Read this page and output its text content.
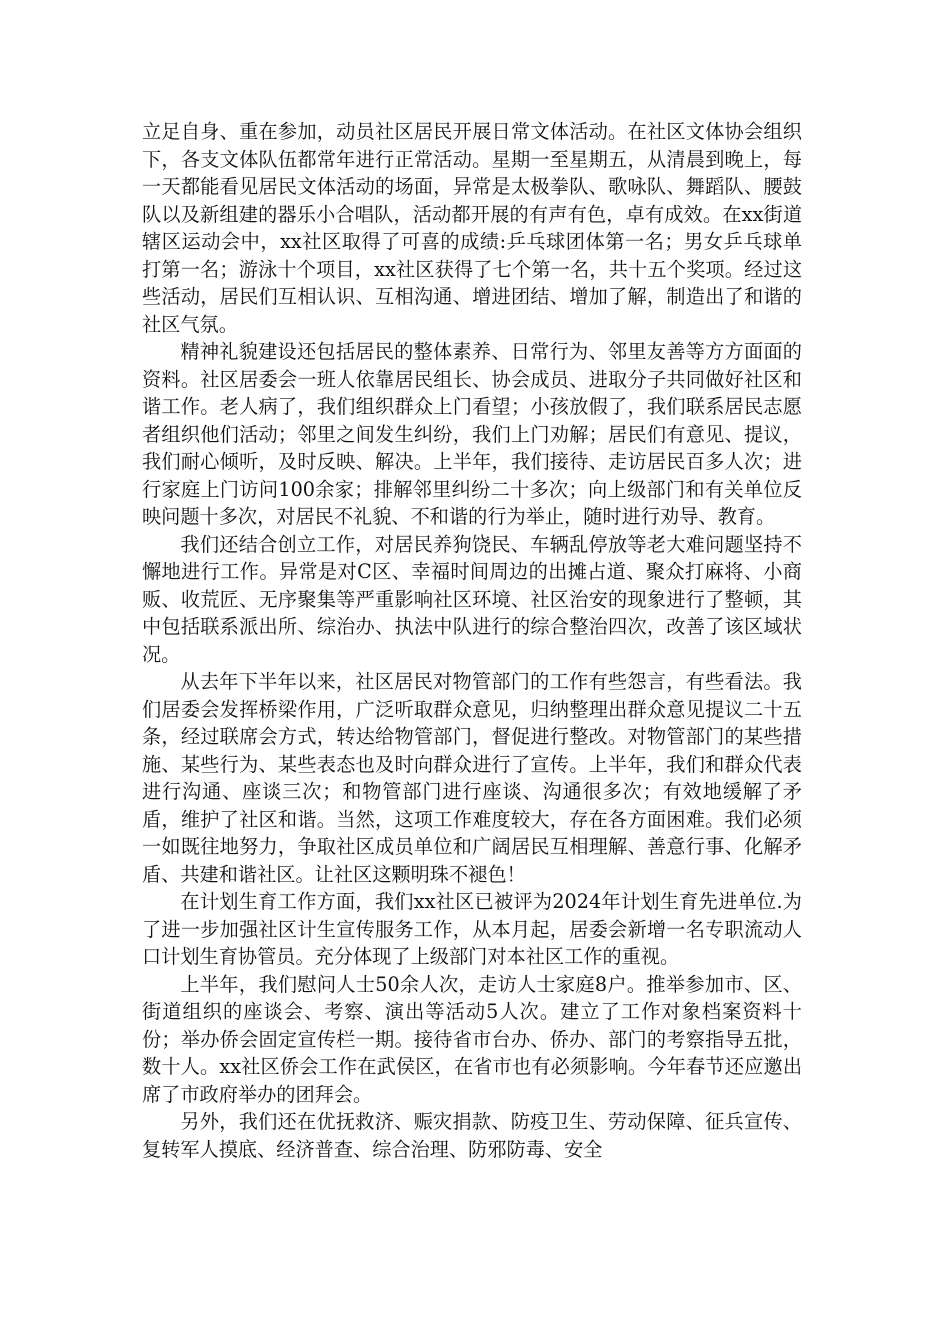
立足自身、重在参加，动员社区居民开展日常文体活动。在社区文体协会组织下，各支文体队伍都常年进行正常活动。星期一至星期五，从清晨到晚上，每一天都能看见居民文体活动的场面，异常是太极拳队、歌咏队、舞蹈队、腰鼓队以及新组建的器乐小合唱队，活动都开展的有声有色，卓有成效。在xx街道辖区运动会中，xx社区取得了可喜的成绩:乒乓球团体第一名；男女乒乓球单打第一名；游泳十个项目，xx社区获得了七个第一名，共十五个奖项。经过这些活动，居民们互相认识、互相沟通、增进团结、增加了解，制造出了和谐的社区气氛。

精神礼貌建设还包括居民的整体素养、日常行为、邻里友善等方方面面的资料。社区居委会一班人依靠居民组长、协会成员、进取分子共同做好社区和谐工作。老人病了，我们组织群众上门看望；小孩放假了，我们联系居民志愿者组织他们活动；邻里之间发生纠纷，我们上门劝解；居民们有意见、提议，我们耐心倾听，及时反映、解决。上半年，我们接待、走访居民百多人次；进行家庭上门访问100余家；排解邻里纠纷二十多次；向上级部门和有关单位反映问题十多次，对居民不礼貌、不和谐的行为举止，随时进行劝导、教育。

我们还结合创立工作，对居民养狗饶民、车辆乱停放等老大难问题坚持不懈地进行工作。异常是对C区、幸福时间周边的出摊占道、聚众打麻将、小商贩、收荒匠、无序聚集等严重影响社区环境、社区治安的现象进行了整顿，其中包括联系派出所、综治办、执法中队进行的综合整治四次，改善了该区域状况。

从去年下半年以来，社区居民对物管部门的工作有些怨言，有些看法。我们居委会发挥桥梁作用，广泛听取群众意见，归纳整理出群众意见提议二十五条，经过联席会方式，转达给物管部门，督促进行整改。对物管部门的某些措施、某些行为、某些表态也及时向群众进行了宣传。上半年，我们和群众代表进行沟通、座谈三次；和物管部门进行座谈、沟通很多次；有效地缓解了矛盾，维护了社区和谐。当然，这项工作难度较大，存在各方面困难。我们必须一如既往地努力，争取社区成员单位和广阔居民互相理解、善意行事、化解矛盾、共建和谐社区。让社区这颗明珠不褪色！

在计划生育工作方面，我们xx社区已被评为2024年计划生育先进单位.为了进一步加强社区计生宣传服务工作，从本月起，居委会新增一名专职流动人口计划生育协管员。充分体现了上级部门对本社区工作的重视。

上半年，我们慰问人士50余人次，走访人士家庭8户。推举参加市、区、街道组织的座谈会、考察、演出等活动5人次。建立了工作对象档案资料十份；举办侨会固定宣传栏一期。接待省市台办、侨办、部门的考察指导五批，数十人。xx社区侨会工作在武侯区，在省市也有必须影响。今年春节还应邀出席了市政府举办的团拜会。

另外，我们还在优抚救济、赈灾捐款、防疫卫生、劳动保障、征兵宣传、复转军人摸底、经济普查、综合治理、防邪防毒、安全
